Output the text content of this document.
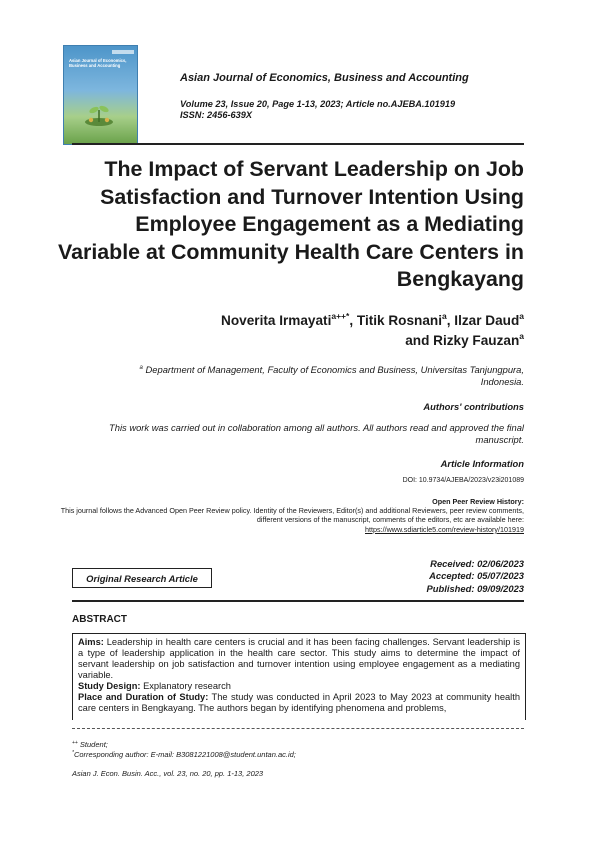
Asian Journal of Economics, Business and Accounting
Asian Journal of Economics, Business and Accounting
Volume 23, Issue 20, Page 1-13, 2023; Article no.AJEBA.101919
ISSN: 2456-639X
The Impact of Servant Leadership on Job Satisfaction and Turnover Intention Using Employee Engagement as a Mediating Variable at Community Health Care Centers in Bengkayang
Noverita Irmayati$^{a++*}$, Titik Rosnani$^a$, Ilzar Daud$^a$
and Rizky Fauzan$^a$
$^a$ Department of Management, Faculty of Economics and Business, Universitas Tanjungpura, Indonesia.
Authors' contributions
This work was carried out in collaboration among all authors. All authors read and approved the final manuscript.
Article Information
DOI: 10.9734/AJEBA/2023/v23i201089
Open Peer Review History:
This journal follows the Advanced Open Peer Review policy. Identity of the Reviewers, Editor(s) and additional Reviewers, peer review comments, different versions of the manuscript, comments of the editors, etc are available here:
https://www.sdiarticle5.com/review-history/101919
Original Research Article
Received: 02/06/2023
Accepted: 05/07/2023
Published: 09/09/2023
ABSTRACT

Aims: Leadership in health care centers is crucial and it has been facing challenges. Servant leadership is a type of leadership application in the health care sector. This study aims to determine the impact of servant leadership on job satisfaction and turnover intention using employee engagement as a mediating variable.

Study Design: Explanatory research

Place and Duration of Study: The study was conducted in April 2023 to May 2023 at community health care centers in Bengkayang. The authors began by identifying phenomena and problems,

++ Student;
*Corresponding author: E-mail: B3081221008@student.untan.ac.id;
Asian J. Econ. Busin. Acc., vol. 23, no. 20, pp. 1-13, 2023
